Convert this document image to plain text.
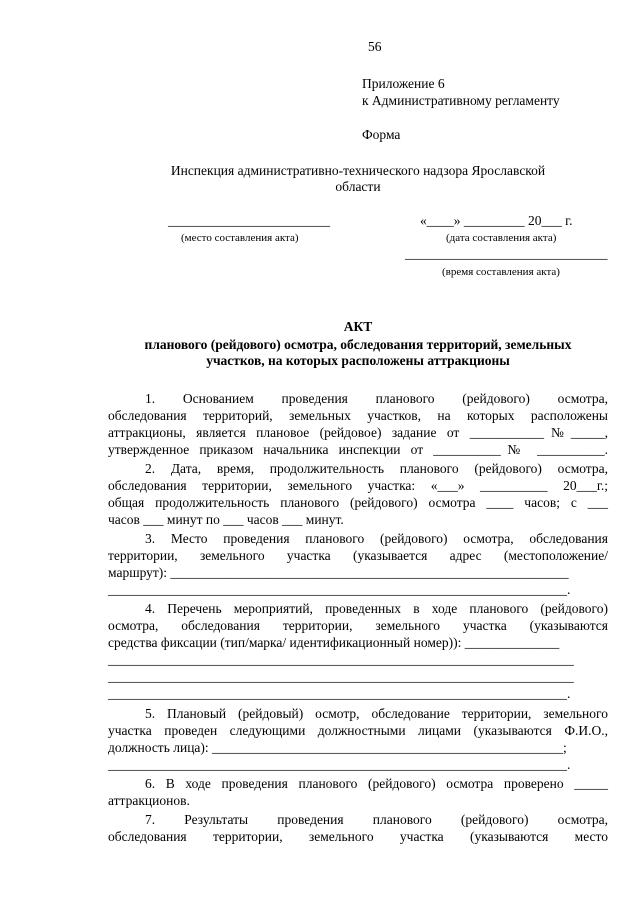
56
Приложение 6
к Административному регламенту
Форма
Инспекция административно-технического надзора Ярославской
области
________________________
(место составления акта)
«____» _________ 20___ г.
(дата составления акта)
______________________________
(время составления акта)
АКТ
планового (рейдового) осмотра, обследования территорий, земельных
участков, на которых расположены аттракционы
1. Основанием проведения планового (рейдового) осмотра,
обследования территорий, земельных участков, на которых расположены
аттракционы, является плановое (рейдовое) задание от ___________№_____,
утвержденное приказом начальника инспекции от __________№ __________.
2. Дата, время, продолжительность планового (рейдового) осмотра,
обследования территории, земельного участка: «___» __________ 20___г.;
общая продолжительность планового (рейдового) осмотра ____ часов; с ___
часов ___ минут по ___ часов ___ минут.
3. Место проведения планового (рейдового) осмотра, обследования
территории, земельного участка (указывается адрес (местоположение/
маршрут): ___________________________________________________________
____________________________________________________________________.
4. Перечень мероприятий, проведенных в ходе планового (рейдового)
осмотра, обследования территории, земельного участка (указываются
средства фиксации (тип/марка/ идентификационный номер)): ______________
_____________________________________________________________________
_____________________________________________________________________
____________________________________________________________________.
5. Плановый (рейдовый) осмотр, обследование территории, земельного
участка проведен следующими должностными лицами (указываются Ф.И.О.,
должность лица): ____________________________________________________;
____________________________________________________________________.
6. В ходе проведения планового (рейдового) осмотра проверено _____
аттракционов.
7. Результаты проведения планового (рейдового) осмотра,
обследования территории, земельного участка (указываются место
